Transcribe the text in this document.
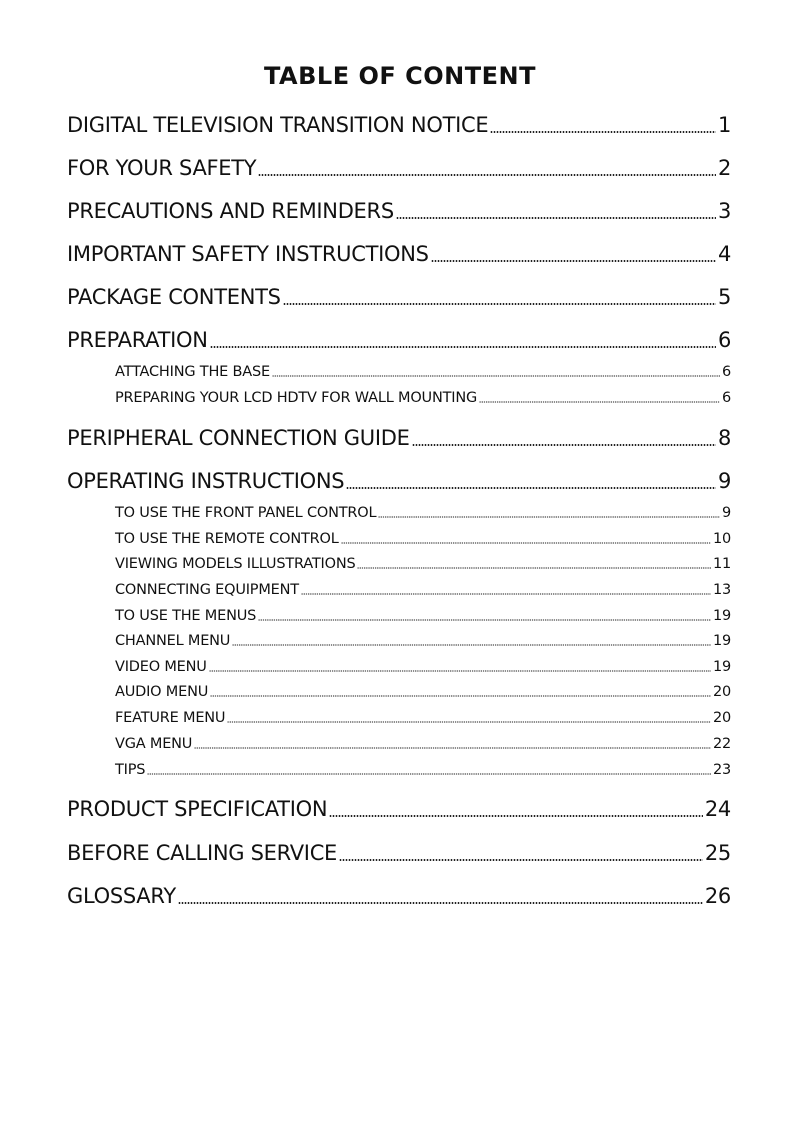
TABLE OF CONTENT
DIGITAL TELEVISION TRANSITION NOTICE	1
FOR YOUR SAFETY	2
PRECAUTIONS AND REMINDERS	3
IMPORTANT SAFETY INSTRUCTIONS	4
PACKAGE CONTENTS	5
PREPARATION	6
ATTACHING THE BASE	6
PREPARING YOUR LCD HDTV FOR WALL MOUNTING	6
PERIPHERAL CONNECTION GUIDE	8
OPERATING INSTRUCTIONS	9
TO USE THE FRONT PANEL CONTROL	9
TO USE THE REMOTE CONTROL	10
VIEWING MODELS ILLUSTRATIONS	11
CONNECTING EQUIPMENT	13
TO USE THE MENUS	19
CHANNEL MENU	19
VIDEO MENU	19
AUDIO MENU	20
FEATURE MENU	20
VGA MENU	22
TIPS	23
PRODUCT SPECIFICATION	24
BEFORE CALLING SERVICE	25
GLOSSARY	26
